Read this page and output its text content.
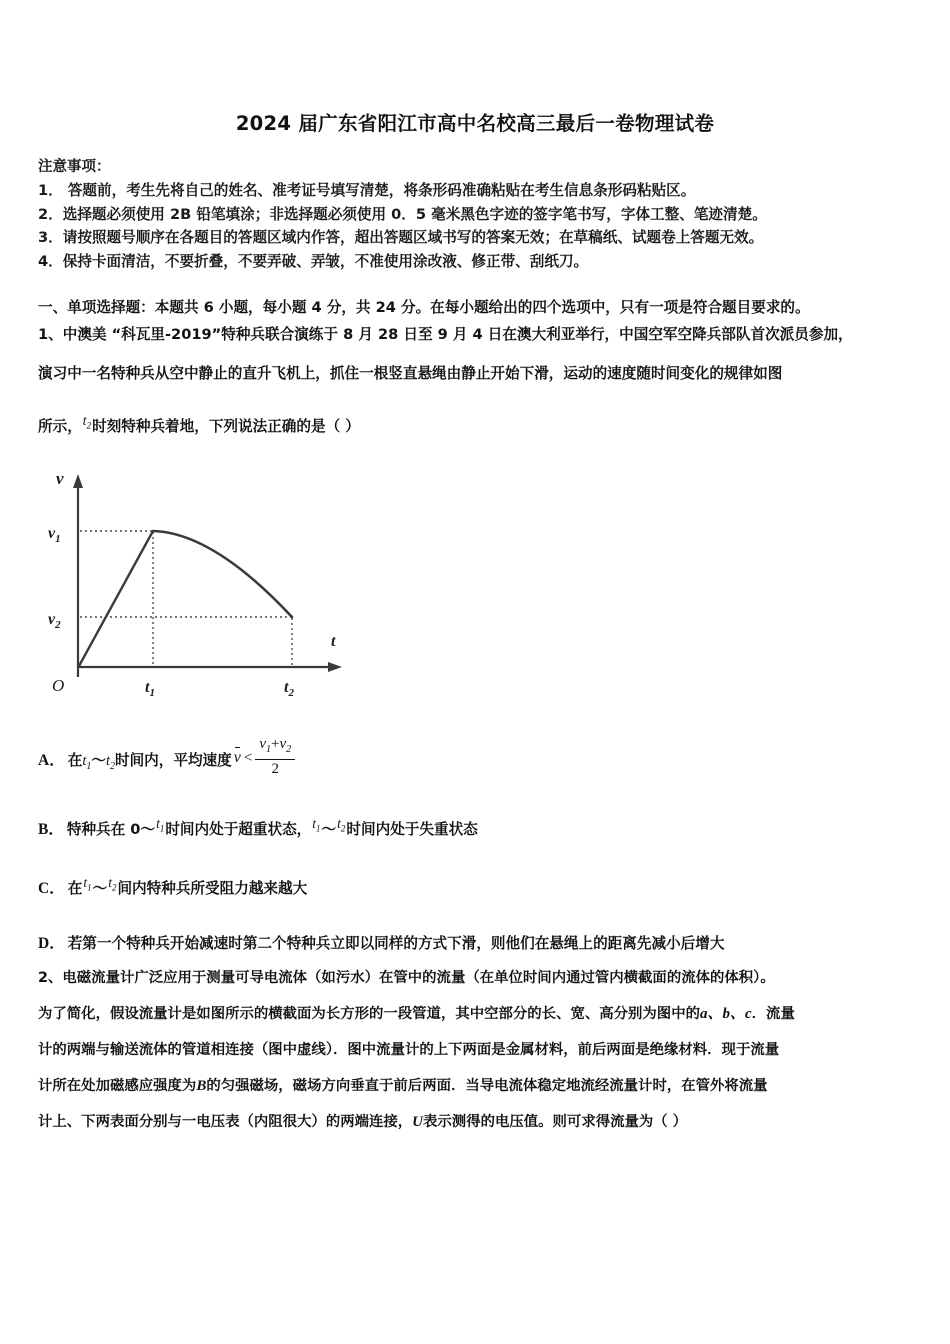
2024 届广东省阳江市高中名校高三最后一卷物理试卷
注意事项：
1． 答题前，考生先将自己的姓名、准考证号填写清楚，将条形码准确粘贴在考生信息条形码粘贴区。
2．选择题必须使用 2B 铅笔填涂；非选择题必须使用 0．5 毫米黑色字迹的签字笔书写，字体工整、笔迹清楚。
3．请按照题号顺序在各题目的答题区域内作答，超出答题区域书写的答案无效；在草稿纸、试题卷上答题无效。
4．保持卡面清洁，不要折叠，不要弄破、弄皱，不准使用涂改液、修正带、刮纸刀。
一、单项选择题：本题共 6 小题，每小题 4 分，共 24 分。在每小题给出的四个选项中，只有一项是符合题目要求的。
1、中澳美 “科瓦里-2019”特种兵联合演练于 8 月 28 日至 9 月 4 日在澳大利亚举行，中国空军空降兵部队首次派员参加，
演习中一名特种兵从空中静止的直升飞机上，抓住一根竖直悬绳由静止开始下滑，运动的速度随时间变化的规律如图
所示，$t_2$时刻特种兵着地，下列说法正确的是（ ）
v
t
O
$v_1$
$v_2$
$t_1$	$t_2$
A． 在$t_1\sim t_2$时间内，平均速度 $v < \frac{v_1+v_2}{2}$
B． 特种兵在 $0\sim t_1$时间内处于超重状态，$t_1\sim t_2$时间内处于失重状态
C． 在$t_1\sim t_2$间内特种兵所受阻力越来越大
D． 若第一个特种兵开始减速时第二个特种兵立即以同样的方式下滑，则他们在悬绳上的距离先减小后增大
2、电磁流量计广泛应用于测量可导电流体（如污水）在管中的流量（在单位时间内通过管内横截面的流体的体积）。
为了简化，假设流量计是如图所示的横截面为长方形的一段管道，其中空部分的长、宽、高分别为图中的a、b、c．流量
计的两端与输送流体的管道相连接（图中虚线）．图中流量计的上下两面是金属材料，前后两面是绝缘材料．现于流量
计所在处加磁感应强度为B的匀强磁场，磁场方向垂直于前后两面．当导电流体稳定地流经流量计时，在管外将流量
计上、下两表面分别与一电压表（内阻很大）的两端连接，U表示测得的电压值。则可求得流量为（ ）
